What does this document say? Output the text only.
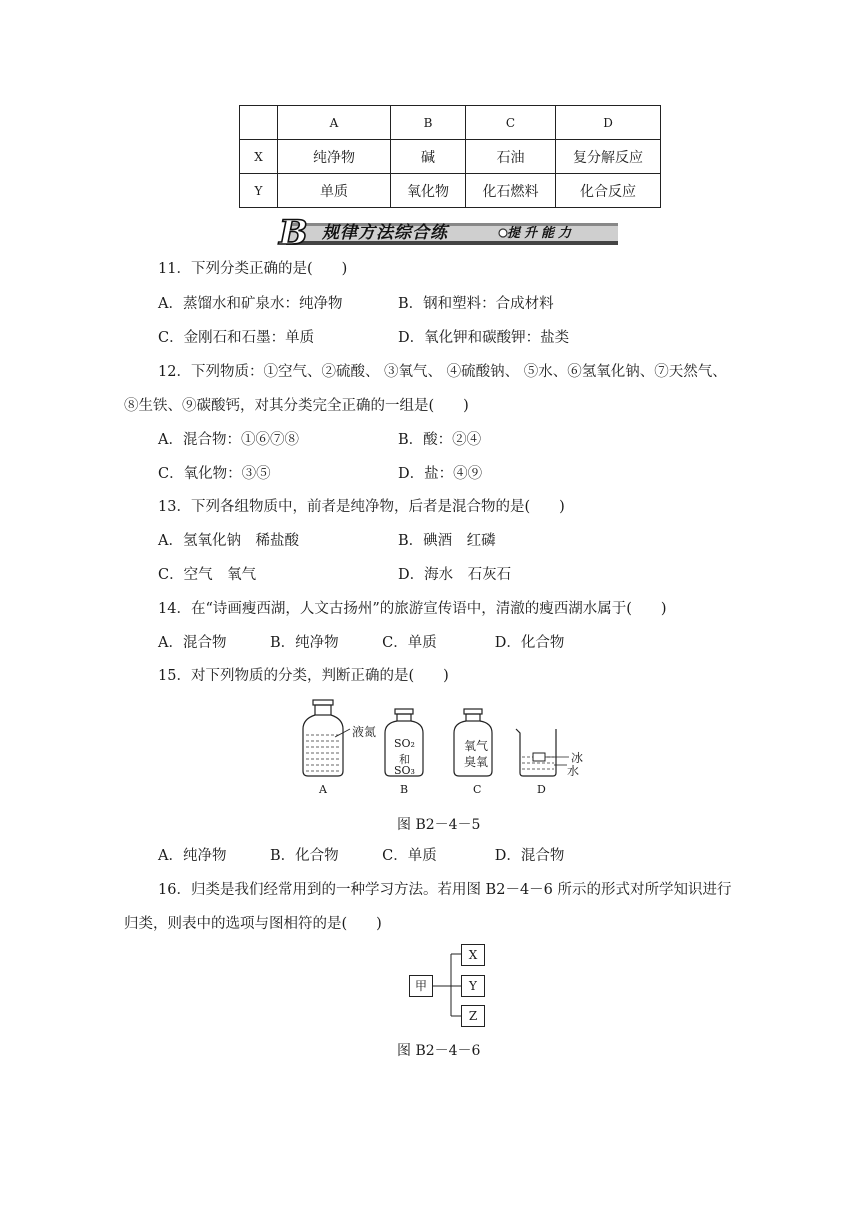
	A	B	C	D
X	纯净物	碱	石油	复分解反应
Y	单质	氧化物	化石燃料	化合反应
B 规律方法综合练	提升能力
11．下列分类正确的是(　　)
A．蒸馏水和矿泉水：纯净物	B．钢和塑料：合成材料
C．金刚石和石墨：单质	D．氧化钾和碳酸钾：盐类
12．下列物质：①空气、②硫酸、 ③氧气、 ④硫酸钠、 ⑤水、⑥氢氧化钠、⑦天然气、
⑧生铁、⑨碳酸钙，对其分类完全正确的一组是(　　)
A．混合物：①⑥⑦⑧	B．酸：②④
C．氧化物：③⑤	D．盐：④⑨
13．下列各组物质中，前者是纯净物，后者是混合物的是(　　)
A．氢氧化钠　稀盐酸	B．碘酒　红磷
C．空气　氧气	D．海水　石灰石
14．在“诗画瘦西湖，人文古扬州”的旅游宣传语中，清澈的瘦西湖水属于(　　)
A．混合物　　　B．纯净物　　　C．单质　　　　D．化合物
15．对下列物质的分类，判断正确的是(　　)
液氮
SO₂
和
SO₃
氧气
臭氧	冰
水
A	B	C	D
图 B2－4－5
A．纯净物　　　B．化合物　　　C．单质　　　　D．混合物
16．归类是我们经常用到的一种学习方法。若用图 B2－4－6 所示的形式对所学知识进行
归类，则表中的选项与图相符的是(　　)
甲
X
Y
Z
图 B2－4－6
